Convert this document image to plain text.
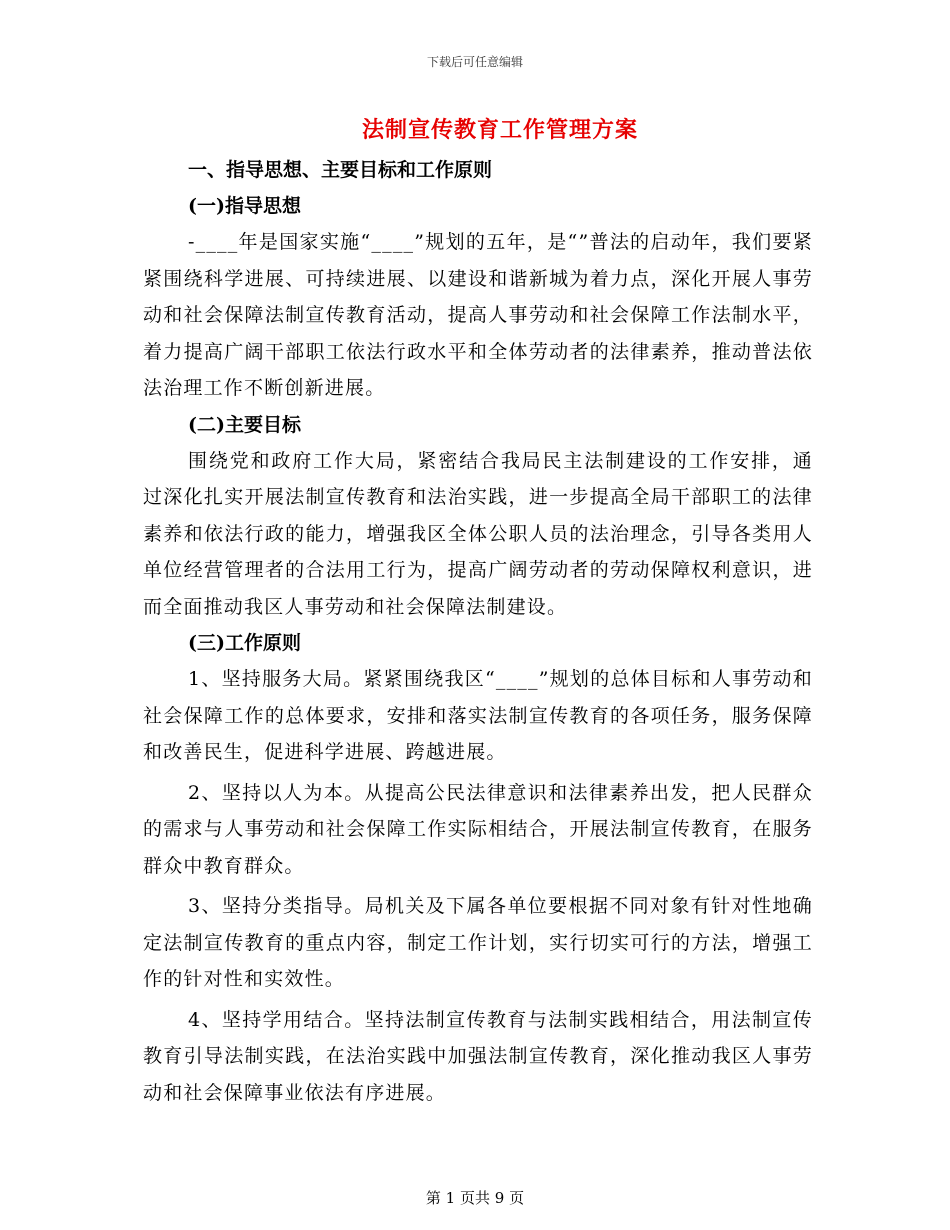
下载后可任意编辑
法制宣传教育工作管理方案

一、指导思想、主要目标和工作原则

(一)指导思想

-____年是国家实施“____”规划的五年，是“”普法的启动年，我们要紧紧围绕科学进展、可持续进展、以建设和谐新城为着力点，深化开展人事劳动和社会保障法制宣传教育活动，提高人事劳动和社会保障工作法制水平，着力提高广阔干部职工依法行政水平和全体劳动者的法律素养，推动普法依法治理工作不断创新进展。

(二)主要目标

围绕党和政府工作大局，紧密结合我局民主法制建设的工作安排，通过深化扎实开展法制宣传教育和法治实践，进一步提高全局干部职工的法律素养和依法行政的能力，增强我区全体公职人员的法治理念，引导各类用人单位经营管理者的合法用工行为，提高广阔劳动者的劳动保障权利意识，进而全面推动我区人事劳动和社会保障法制建设。

(三)工作原则

1、坚持服务大局。紧紧围绕我区“____”规划的总体目标和人事劳动和社会保障工作的总体要求，安排和落实法制宣传教育的各项任务，服务保障和改善民生，促进科学进展、跨越进展。

2、坚持以人为本。从提高公民法律意识和法律素养出发，把人民群众的需求与人事劳动和社会保障工作实际相结合，开展法制宣传教育，在服务群众中教育群众。

3、坚持分类指导。局机关及下属各单位要根据不同对象有针对性地确定法制宣传教育的重点内容，制定工作计划，实行切实可行的方法，增强工作的针对性和实效性。

4、坚持学用结合。坚持法制宣传教育与法制实践相结合，用法制宣传教育引导法制实践，在法治实践中加强法制宣传教育，深化推动我区人事劳动和社会保障事业依法有序进展。

第 1 页共 9 页
